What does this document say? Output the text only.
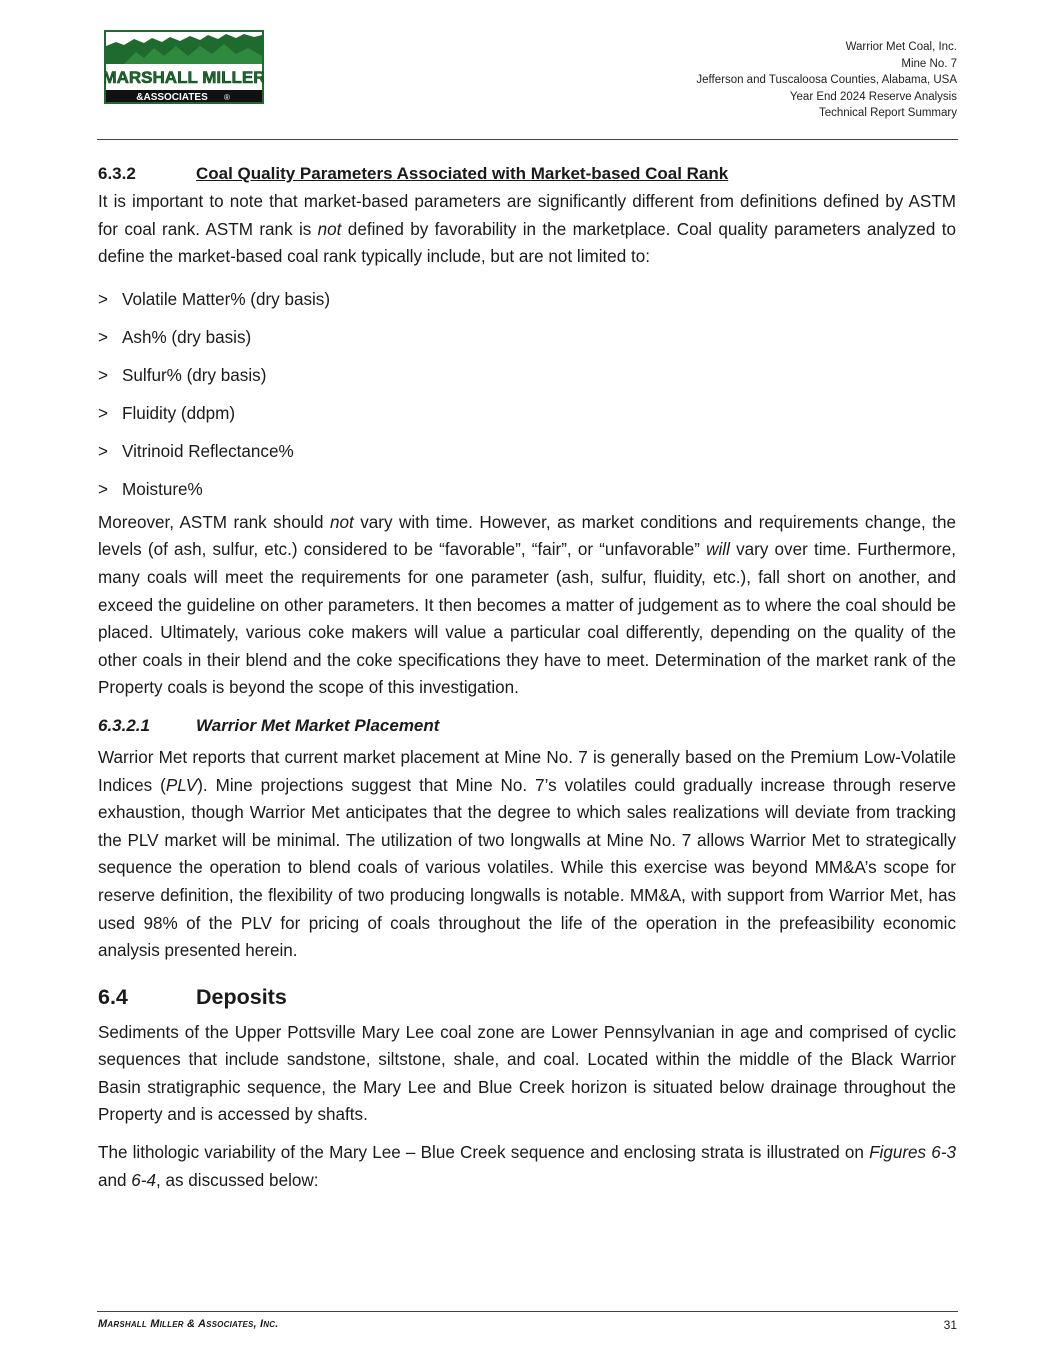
MARSHALL MILLER
&ASSOCIATES ®
Warrior Met Coal, Inc.
Mine No. 7
Jefferson and Tuscaloosa Counties, Alabama, USA
Year End 2024 Reserve Analysis
Technical Report Summary
6.3.2	Coal Quality Parameters Associated with Market-based Coal Rank

It is important to note that market-based parameters are significantly different from definitions defined by ASTM for coal rank. ASTM rank is not defined by favorability in the marketplace. Coal quality parameters analyzed to define the market-based coal rank typically include, but are not limited to:

> Volatile Matter% (dry basis)
> Ash% (dry basis)
> Sulfur% (dry basis)
> Fluidity (ddpm)
> Vitrinoid Reflectance%
> Moisture%

Moreover, ASTM rank should not vary with time. However, as market conditions and requirements change, the levels (of ash, sulfur, etc.) considered to be “favorable”, “fair”, or “unfavorable” will vary over time. Furthermore, many coals will meet the requirements for one parameter (ash, sulfur, fluidity, etc.), fall short on another, and exceed the guideline on other parameters. It then becomes a matter of judgement as to where the coal should be placed. Ultimately, various coke makers will value a particular coal differently, depending on the quality of the other coals in their blend and the coke specifications they have to meet. Determination of the market rank of the Property coals is beyond the scope of this investigation.

6.3.2.1	Warrior Met Market Placement

Warrior Met reports that current market placement at Mine No. 7 is generally based on the Premium Low-Volatile Indices (PLV). Mine projections suggest that Mine No. 7’s volatiles could gradually increase through reserve exhaustion, though Warrior Met anticipates that the degree to which sales realizations will deviate from tracking the PLV market will be minimal. The utilization of two longwalls at Mine No. 7 allows Warrior Met to strategically sequence the operation to blend coals of various volatiles. While this exercise was beyond MM&A’s scope for reserve definition, the flexibility of two producing longwalls is notable. MM&A, with support from Warrior Met, has used 98% of the PLV for pricing of coals throughout the life of the operation in the prefeasibility economic analysis presented herein.

6.4	Deposits

Sediments of the Upper Pottsville Mary Lee coal zone are Lower Pennsylvanian in age and comprised of cyclic sequences that include sandstone, siltstone, shale, and coal. Located within the middle of the Black Warrior Basin stratigraphic sequence, the Mary Lee and Blue Creek horizon is situated below drainage throughout the Property and is accessed by shafts.

The lithologic variability of the Mary Lee – Blue Creek sequence and enclosing strata is illustrated on Figures 6-3 and 6-4, as discussed below:

Marshall Miller & Associates, Inc.	31
